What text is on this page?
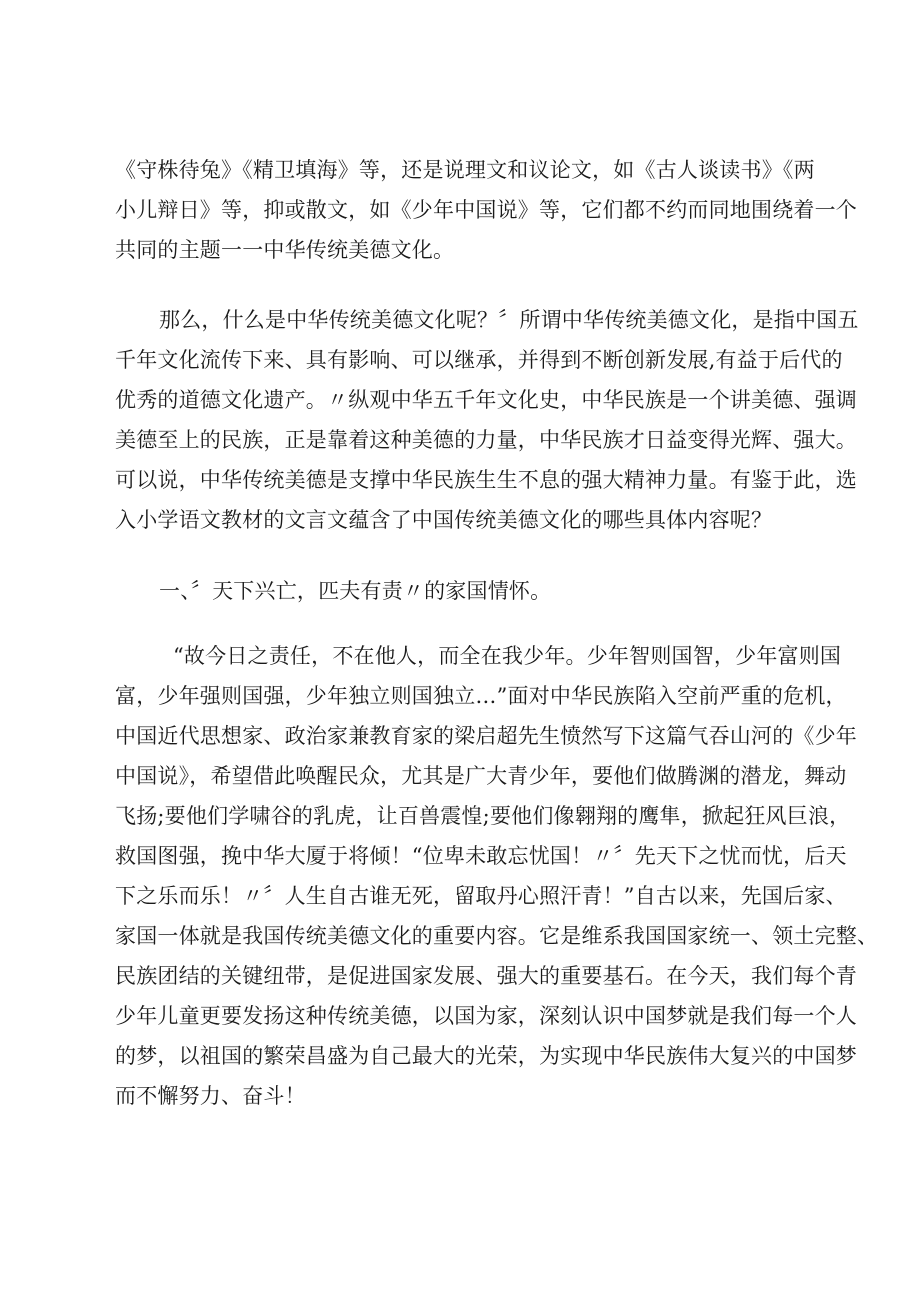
《守株待兔》《精卫填海》等，还是说理文和议论文，如《古人谈读书》《两
小儿辩日》等，抑或散文，如《少年中国说》等，它们都不约而同地围绕着一个
共同的主题一一中华传统美德文化。
那么，什么是中华传统美德文化呢？〞所谓中华传统美德文化，是指中国五
千年文化流传下来、具有影响、可以继承，并得到不断创新发展,有益于后代的
优秀的道德文化遗产。〃纵观中华五千年文化史，中华民族是一个讲美德、强调
美德至上的民族，正是靠着这种美德的力量，中华民族才日益变得光辉、强大。
可以说，中华传统美德是支撑中华民族生生不息的强大精神力量。有鉴于此，选
入小学语文教材的文言文蕴含了中国传统美德文化的哪些具体内容呢？
一、〞天下兴亡，匹夫有责〃的家国情怀。
“故今日之责任，不在他人，而全在我少年。少年智则国智，少年富则国
富，少年强则国强，少年独立则国独立…”面对中华民族陷入空前严重的危机，
中国近代思想家、政治家兼教育家的梁启超先生愤然写下这篇气吞山河的《少年
中国说》，希望借此唤醒民众，尤其是广大青少年，要他们做腾渊的潜龙，舞动
飞扬;要他们学啸谷的乳虎，让百兽震惶;要他们像翱翔的鹰隼，掀起狂风巨浪，
救国图强，挽中华大厦于将倾！“位卑未敢忘忧国！〃〞先天下之忧而忧，后天
下之乐而乐！〃〞人生自古谁无死，留取丹心照汗青！”自古以来，先国后家、
家国一体就是我国传统美德文化的重要内容。它是维系我国国家统一、领土完整、
民族团结的关键纽带，是促进国家发展、强大的重要基石。在今天，我们每个青
少年儿童更要发扬这种传统美德，以国为家，深刻认识中国梦就是我们每一个人
的梦，以祖国的繁荣昌盛为自己最大的光荣，为实现中华民族伟大复兴的中国梦
而不懈努力、奋斗！
